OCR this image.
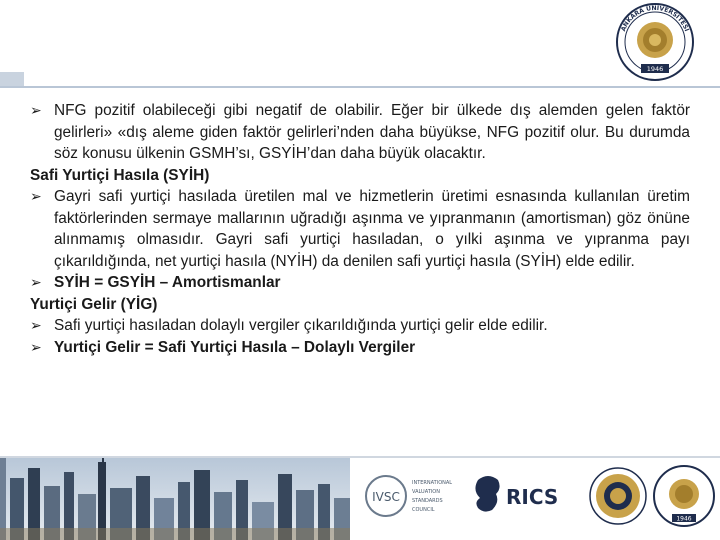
ANKARA ÜNİVERSİTESİ
1946
➢ NFG pozitif olabileceği gibi negatif de olabilir. Eğer bir ülkede dış alemden gelen faktör gelirleri» «dış aleme giden faktör gelirleri’nden daha büyükse, NFG pozitif olur. Bu durumda söz konusu ülkenin GSMH’sı, GSYİH’dan daha büyük olacaktır.
Safi Yurtiçi Hasıla (SYİH)
➢ Gayri safi yurtiçi hasılada üretilen mal ve hizmetlerin üretimi esnasında kullanılan üretim faktörlerinden sermaye mallarının uğradığı aşınma ve yıpranmanın (amortisman) göz önüne alınmamış olmasıdır. Gayri safi yurtiçi hasıladan, o yılki aşınma ve yıpranma payı çıkarıldığında, net yurtiçi hasıla (NYİH) da denilen safi yurtiçi hasıla (SYİH) elde edilir.
➢ SYİH = GSYİH – Amortismanlar
Yurtiçi Gelir (YİG)
➢ Safi yurtiçi hasıladan dolaylı vergiler çıkarıldığında yurtiçi gelir elde edilir.
➢ Yurtiçi Gelir = Safi Yurtiçi Hasıla – Dolaylı Vergiler
IVSC
INTERNATIONAL
VALUATION
STANDARDS
COUNCIL
RICS
1946
